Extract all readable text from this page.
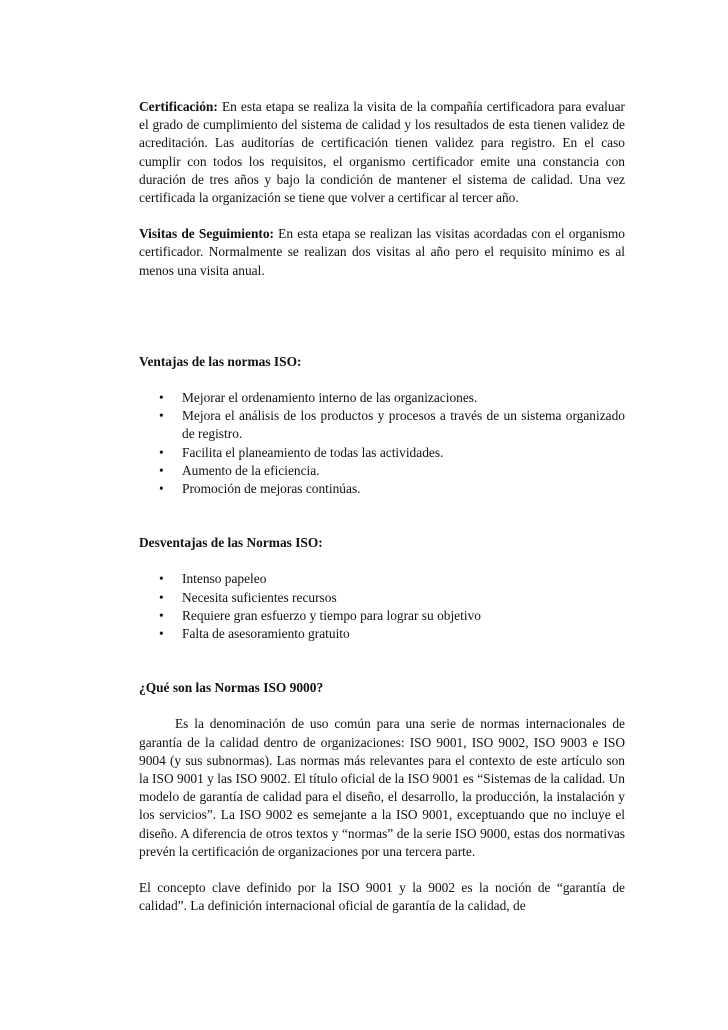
Certificación: En esta etapa se realiza la visita de la compañía certificadora para evaluar el grado de cumplimiento del sistema de calidad y los resultados de esta tienen validez de acreditación. Las auditorías de certificación tienen validez para registro. En el caso cumplir con todos los requisitos, el organismo certificador emite una constancia con duración de tres años y bajo la condición de mantener el sistema de calidad. Una vez certificada la organización se tiene que volver a certificar al tercer año.

Visitas de Seguimiento: En esta etapa se realizan las visitas acordadas con el organismo certificador. Normalmente se realizan dos visitas al año pero el requisito mínimo es al menos una visita anual.

Ventajas de las normas ISO:

• Mejorar el ordenamiento interno de las organizaciones.
• Mejora el análisis de los productos y procesos a través de un sistema organizado de registro.
• Facilita el planeamiento de todas las actividades.
• Aumento de la eficiencia.
• Promoción de mejoras continúas.

Desventajas de las Normas ISO:

• Intenso papeleo
• Necesita suficientes recursos
• Requiere gran esfuerzo y tiempo para lograr su objetivo
• Falta de asesoramiento gratuito

¿Qué son las Normas ISO 9000?

Es la denominación de uso común para una serie de normas internacionales de garantía de la calidad dentro de organizaciones: ISO 9001, ISO 9002, ISO 9003 e ISO 9004 (y sus subnormas). Las normas más relevantes para el contexto de este artículo son la ISO 9001 y las ISO 9002. El título oficial de la ISO 9001 es “Sistemas de la calidad. Un modelo de garantía de calidad para el diseño, el desarrollo, la producción, la instalación y los servicios”. La ISO 9002 es semejante a la ISO 9001, exceptuando que no incluye el diseño. A diferencia de otros textos y “normas” de la serie ISO 9000, estas dos normativas prevén la certificación de organizaciones por una tercera parte.

El concepto clave definido por la ISO 9001 y la 9002 es la noción de “garantía de calidad”. La definición internacional oficial de garantía de la calidad, de
